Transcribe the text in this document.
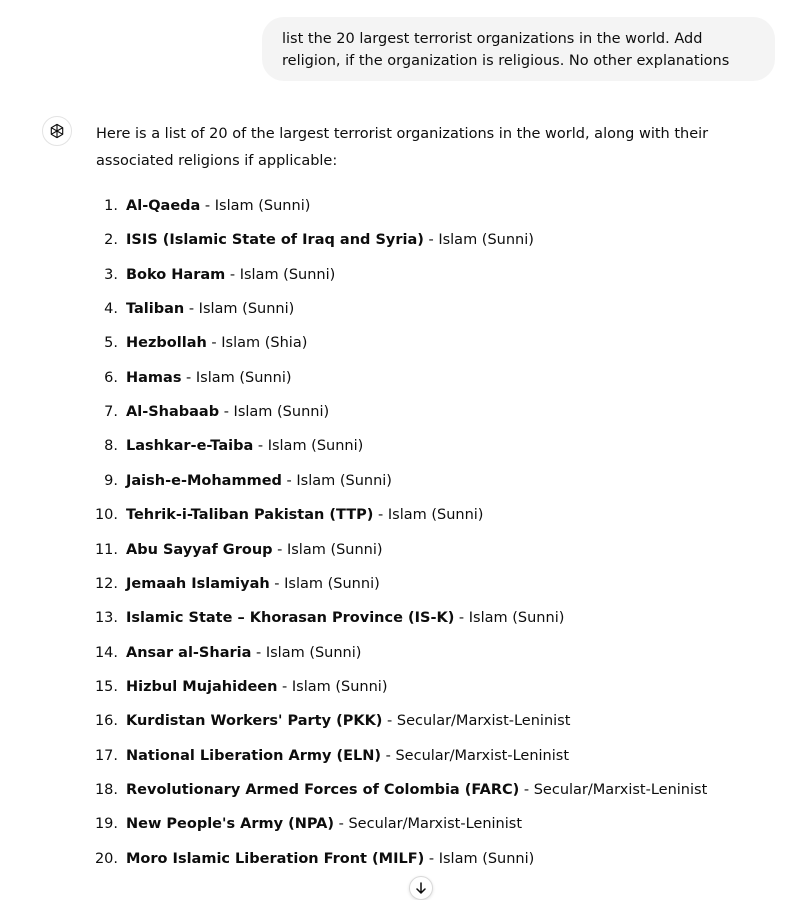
list the 20 largest terrorist organizations in the world. Add religion, if the organization is religious. No other explanations
Here is a list of 20 of the largest terrorist organizations in the world, along with their associated religions if applicable:
1. Al-Qaeda - Islam (Sunni)
2. ISIS (Islamic State of Iraq and Syria) - Islam (Sunni)
3. Boko Haram - Islam (Sunni)
4. Taliban - Islam (Sunni)
5. Hezbollah - Islam (Shia)
6. Hamas - Islam (Sunni)
7. Al-Shabaab - Islam (Sunni)
8. Lashkar-e-Taiba - Islam (Sunni)
9. Jaish-e-Mohammed - Islam (Sunni)
10. Tehrik-i-Taliban Pakistan (TTP) - Islam (Sunni)
11. Abu Sayyaf Group - Islam (Sunni)
12. Jemaah Islamiyah - Islam (Sunni)
13. Islamic State – Khorasan Province (IS-K) - Islam (Sunni)
14. Ansar al-Sharia - Islam (Sunni)
15. Hizbul Mujahideen - Islam (Sunni)
16. Kurdistan Workers' Party (PKK) - Secular/Marxist-Leninist
17. National Liberation Army (ELN) - Secular/Marxist-Leninist
18. Revolutionary Armed Forces of Colombia (FARC) - Secular/Marxist-Leninist
19. New People's Army (NPA) - Secular/Marxist-Leninist
20. Moro Islamic Liberation Front (MILF) - Islam (Sunni)
